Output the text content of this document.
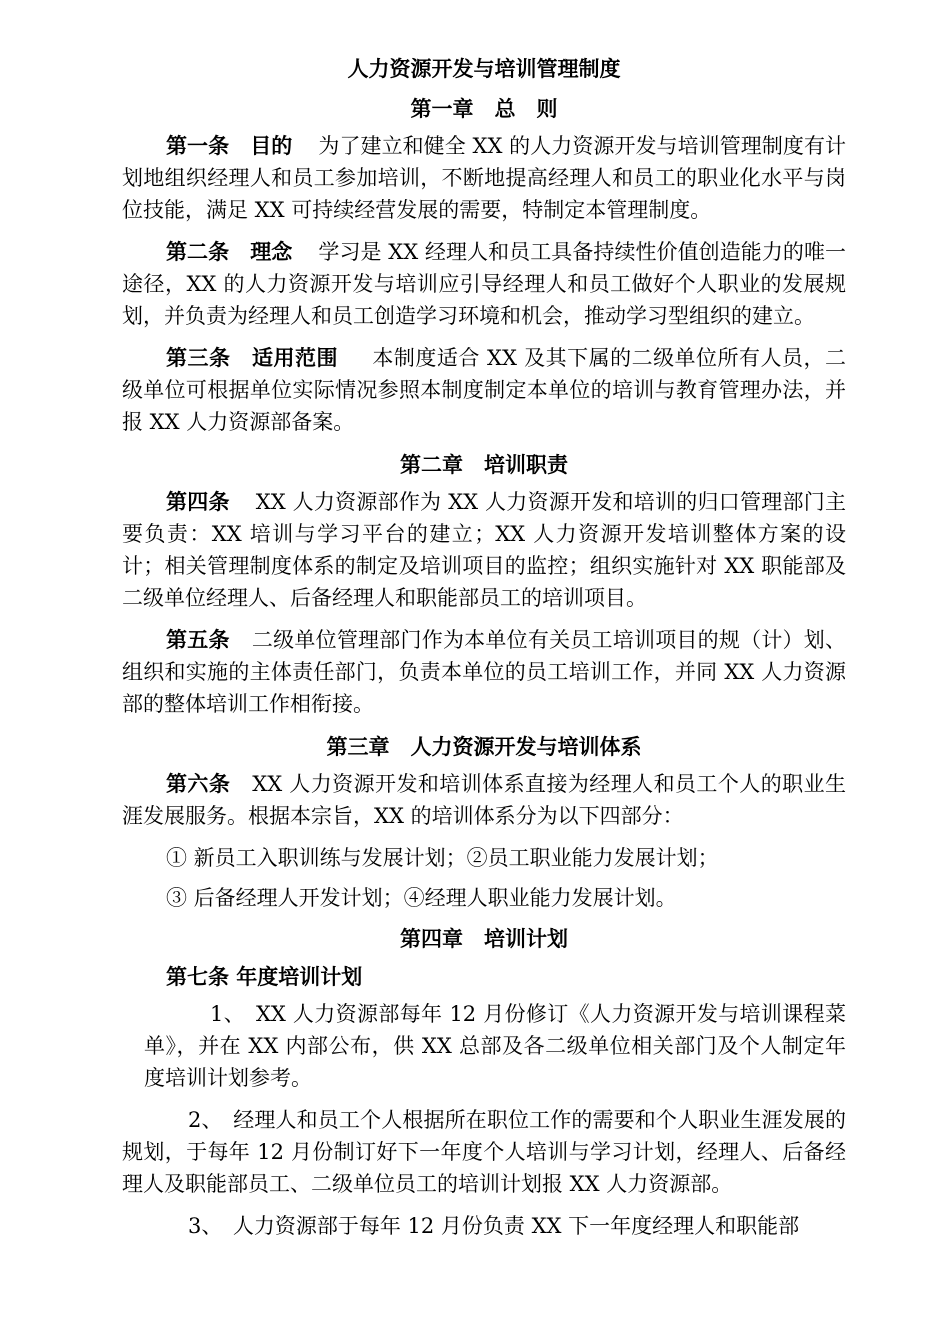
人力资源开发与培训管理制度
第一章　总　则

第一条　目的 为了建立和健全 XX 的人力资源开发与培训管理制度有计划地组织经理人和员工参加培训，不断地提高经理人和员工的职业化水平与岗位技能，满足 XX 可持续经营发展的需要，特制定本管理制度。

第二条　理念 学习是 XX 经理人和员工具备持续性价值创造能力的唯一途径，XX 的人力资源开发与培训应引导经理人和员工做好个人职业的发展规划，并负责为经理人和员工创造学习环境和机会，推动学习型组织的建立。

第三条　适用范围 本制度适合 XX 及其下属的二级单位所有人员，二级单位可根据单位实际情况参照本制度制定本单位的培训与教育管理办法，并报 XX 人力资源部备案。

第二章　培训职责

第四条 XX 人力资源部作为 XX 人力资源开发和培训的归口管理部门主要负责：XX 培训与学习平台的建立；XX 人力资源开发培训整体方案的设计；相关管理制度体系的制定及培训项目的监控；组织实施针对 XX 职能部及二级单位经理人、后备经理人和职能部员工的培训项目。

第五条 二级单位管理部门作为本单位有关员工培训项目的规（计）划、组织和实施的主体责任部门，负责本单位的员工培训工作，并同 XX 人力资源部的整体培训工作相衔接。

第三章　人力资源开发与培训体系

第六条 XX 人力资源开发和培训体系直接为经理人和员工个人的职业生涯发展服务。根据本宗旨，XX 的培训体系分为以下四部分：

① 新员工入职训练与发展计划；②员工职业能力发展计划；
③ 后备经理人开发计划；④经理人职业能力发展计划。
第四章　培训计划
第七条 年度培训计划

1、　XX 人力资源部每年 12 月份修订《人力资源开发与培训课程菜单》，并在 XX 内部公布，供 XX 总部及各二级单位相关部门及个人制定年度培训计划参考。

2、　经理人和员工个人根据所在职位工作的需要和个人职业生涯发展的规划，于每年 12 月份制订好下一年度个人培训与学习计划，经理人、后备经理人及职能部员工、二级单位员工的培训计划报 XX 人力资源部。

3、　人力资源部于每年 12 月份负责 XX 下一年度经理人和职能部
